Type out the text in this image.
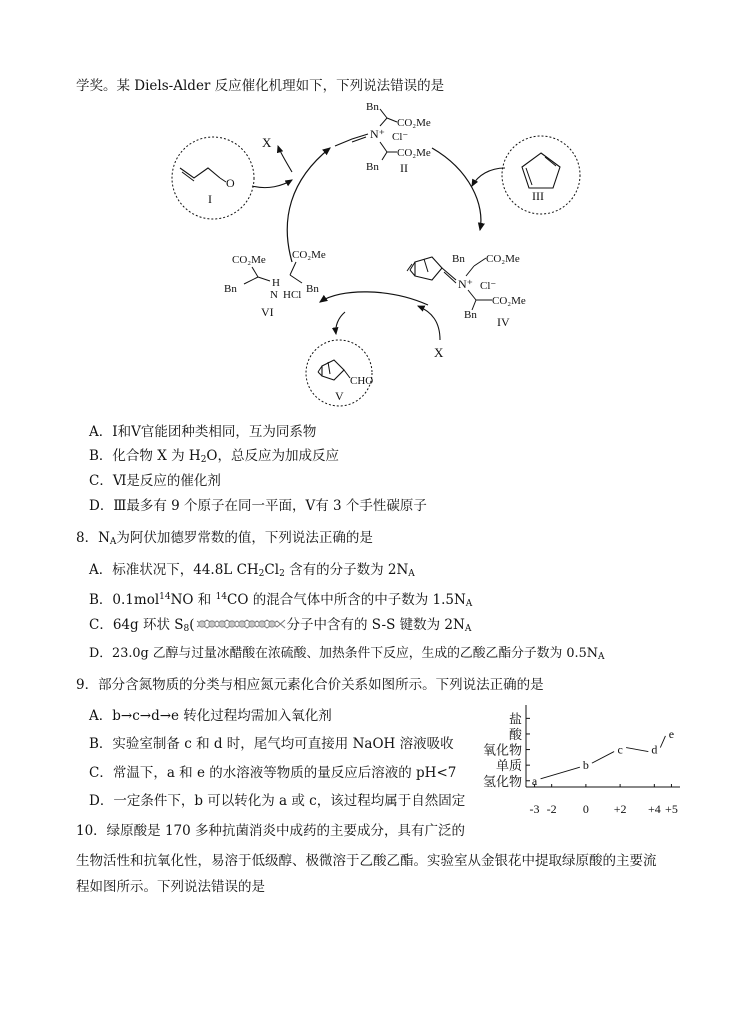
学奖。某 Diels-Alder 反应催化机理如下，下列说法错误的是
X
X
O
I	III
N⁺
Bn
CO₂Me
Cl⁻
CO₂Me
Bn II
N⁺
Bn CO₂Me
Cl⁻
CO₂Me
Bn IV
CO₂Me CO₂Me
Bn	H
N HCl Bn
VI
CHO
V
A．Ⅰ和Ⅴ官能团种类相同，互为同系物
B．化合物 X 为 $H_2O$，总反应为加成反应
C．Ⅵ是反应的催化剂
D．Ⅲ最多有 9 个原子在同一平面，Ⅴ有 3 个手性碳原子
8．$N_A$为阿伏加德罗常数的值，下列说法正确的是
A．标准状况下，44.8L $CH_2Cl_2$ 含有的分子数为 $2N_A$
B．0.1mol$^{14}$NO 和 $^{14}$CO 的混合气体中所含的中子数为 $1.5N_A$
C．64g 环状 $S_8$(	分子中含有的 S-S 键数为 $2N_A$
D．23.0g 乙醇与过量冰醋酸在浓硫酸、加热条件下反应，生成的乙酸乙酯分子数为 $0.5N_A$
9．部分含氮物质的分类与相应氮元素化合价关系如图所示。下列说法正确的是
A．b→c→d→e 转化过程均需加入氧化剂
B．实验室制备 c 和 d 时，尾气均可直接用 NaOH 溶液吸收
C．常温下，a 和 e 的水溶液等物质的量反应后溶液的 pH<7
D．一定条件下，b 可以转化为 a 或 c，该过程均属于自然固定
氢化物
单质
氧化物
酸
盐
-3 -2 0 +2 +4 +5
a
b
c d
e
10．绿原酸是 170 多种抗菌消炎中成药的主要成分，具有广泛的
生物活性和抗氧化性，易溶于低级醇、极微溶于乙酸乙酯。实验室从金银花中提取绿原酸的主要流
程如图所示。下列说法错误的是
